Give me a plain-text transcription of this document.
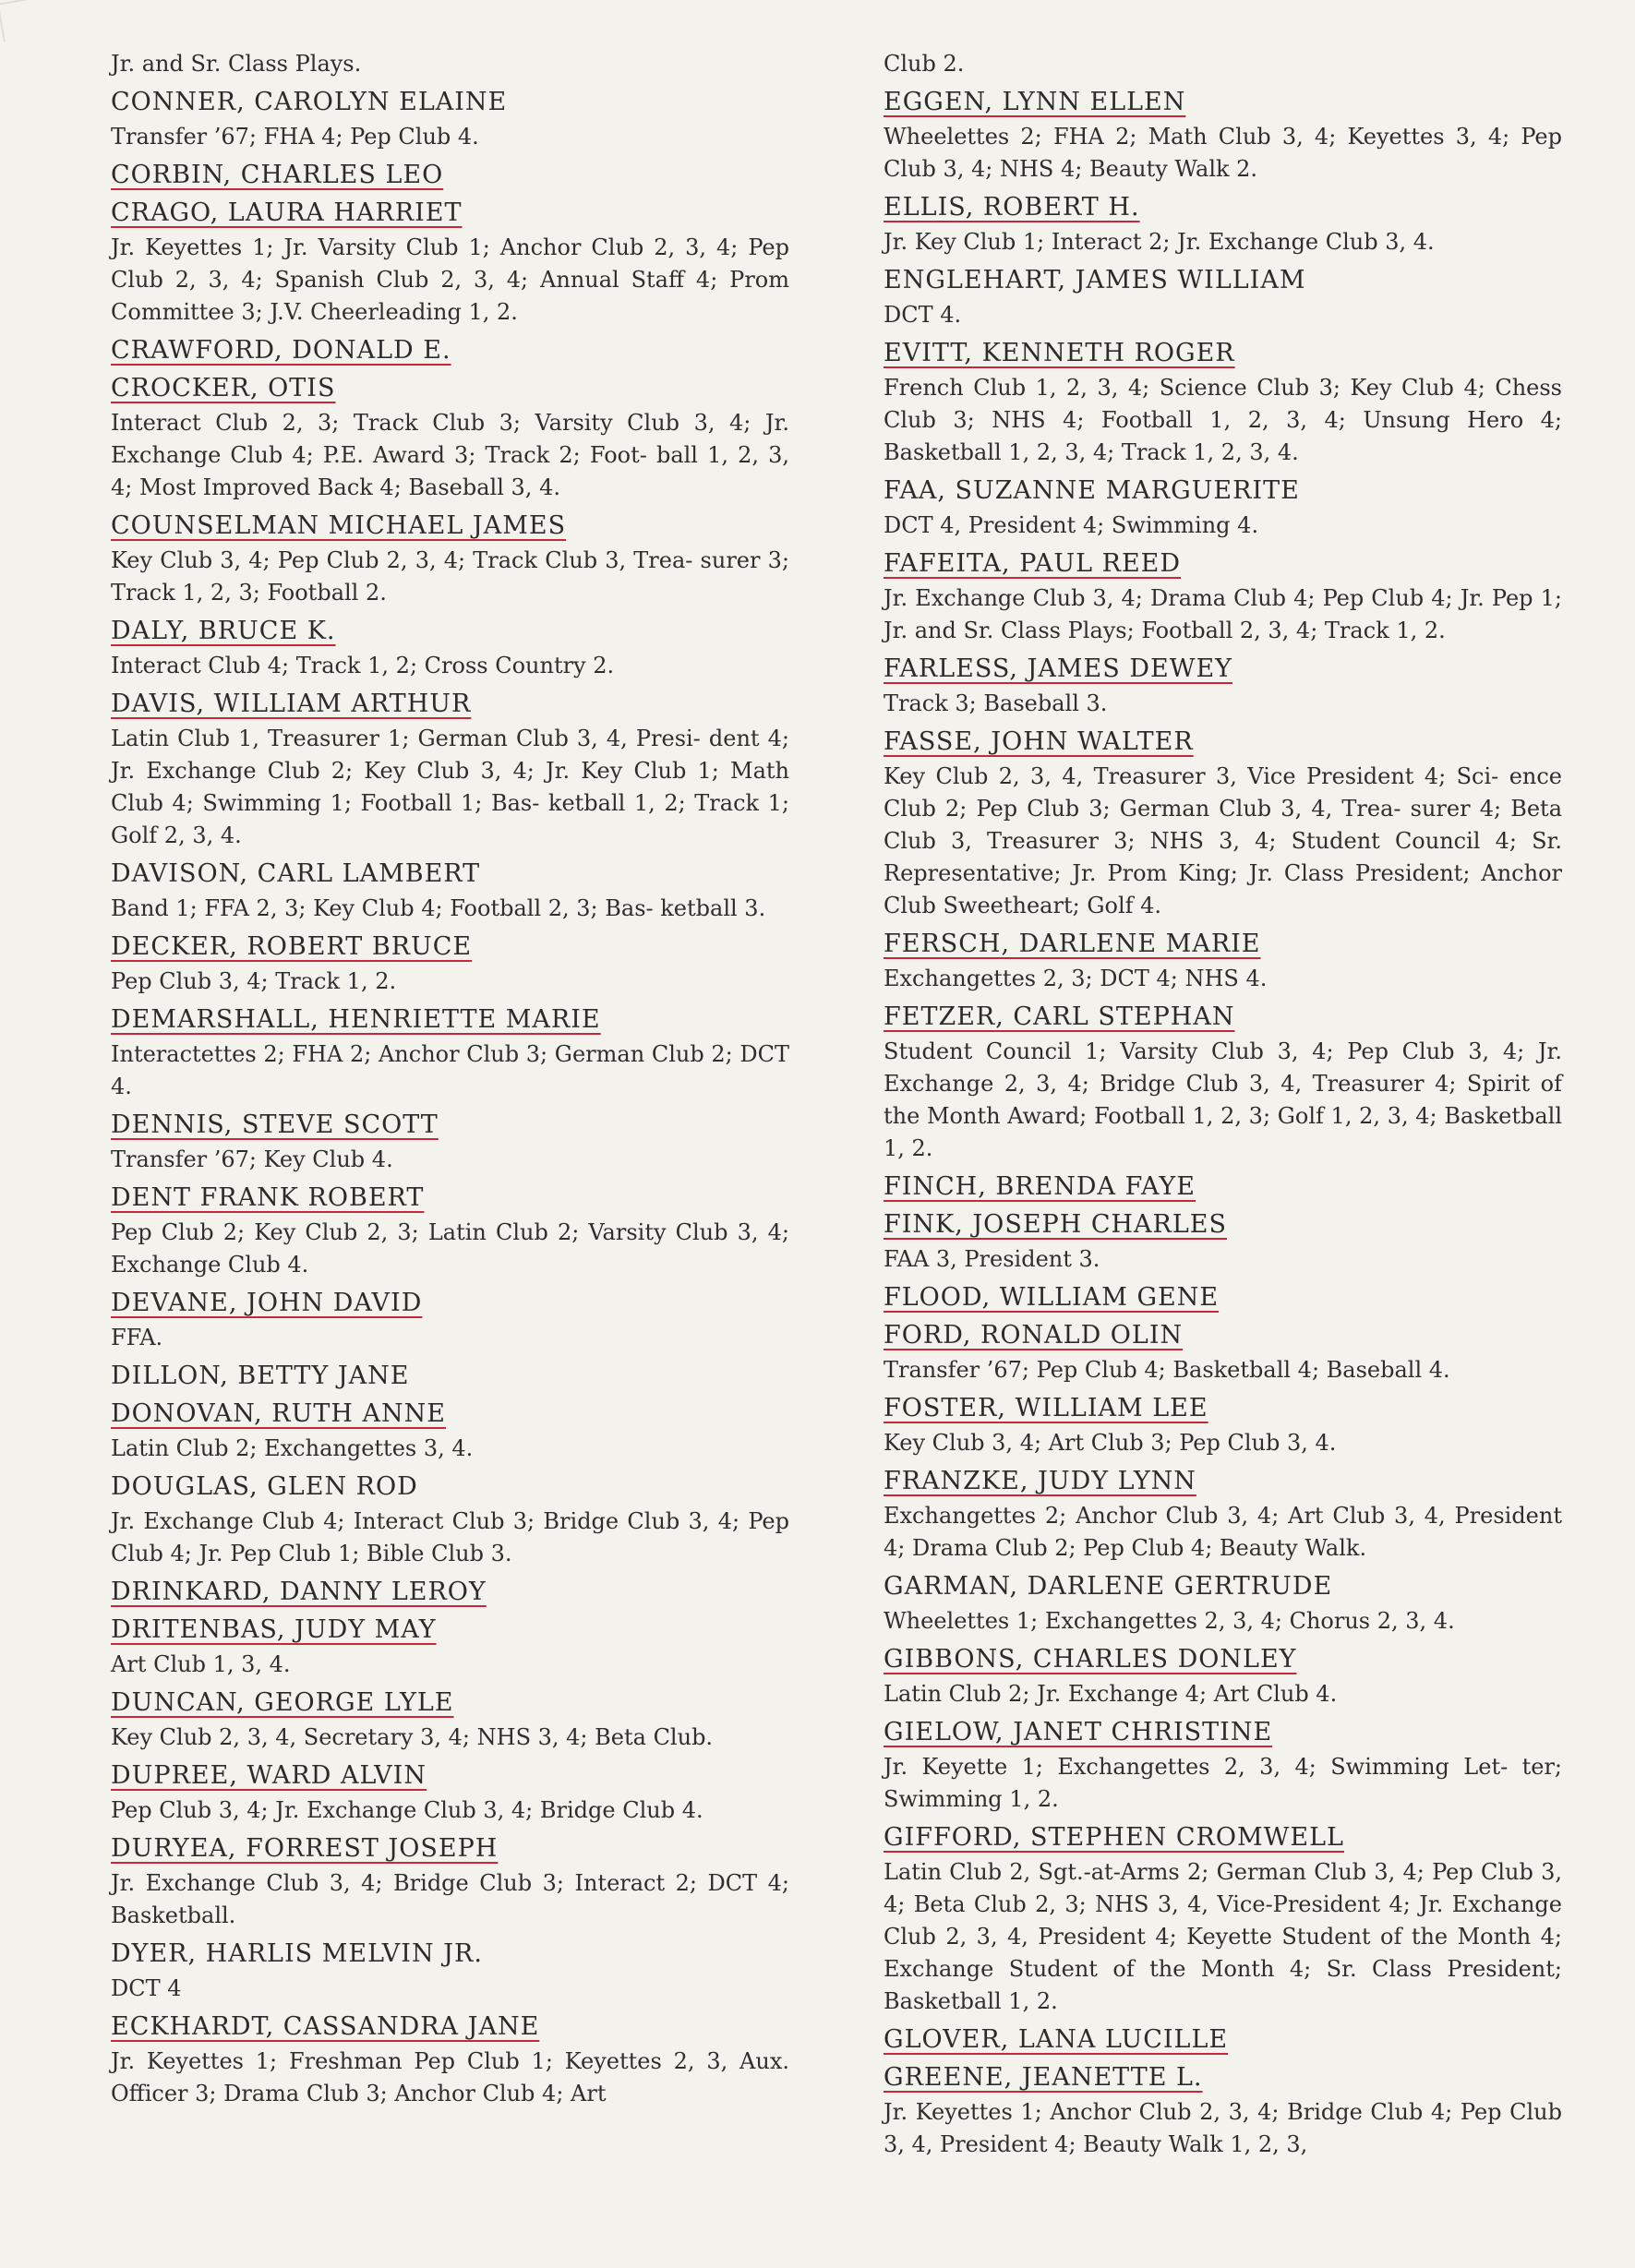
Jr. and Sr. Class Plays.
CONNER, CAROLYN ELAINE
Transfer ’67; FHA 4; Pep Club 4.
CORBIN, CHARLES LEO
CRAGO, LAURA HARRIET
Jr. Keyettes 1; Jr. Varsity Club 1; Anchor Club 2, 3, 4; Pep Club 2, 3, 4; Spanish Club 2, 3, 4; Annual Staff 4; Prom Committee 3; J.V. Cheerleading 1, 2.
CRAWFORD, DONALD E.
CROCKER, OTIS
Interact Club 2, 3; Track Club 3; Varsity Club 3, 4; Jr. Exchange Club 4; P.E. Award 3; Track 2; Foot- ball 1, 2, 3, 4; Most Improved Back 4; Baseball 3, 4.
COUNSELMAN MICHAEL JAMES
Key Club 3, 4; Pep Club 2, 3, 4; Track Club 3, Trea- surer 3; Track 1, 2, 3; Football 2.
DALY, BRUCE K.
Interact Club 4; Track 1, 2; Cross Country 2.
DAVIS, WILLIAM ARTHUR
Latin Club 1, Treasurer 1; German Club 3, 4, Presi- dent 4; Jr. Exchange Club 2; Key Club 3, 4; Jr. Key Club 1; Math Club 4; Swimming 1; Football 1; Bas- ketball 1, 2; Track 1; Golf 2, 3, 4.
DAVISON, CARL LAMBERT
Band 1; FFA 2, 3; Key Club 4; Football 2, 3; Bas- ketball 3.
DECKER, ROBERT BRUCE
Pep Club 3, 4; Track 1, 2.
DEMARSHALL, HENRIETTE MARIE
Interactettes 2; FHA 2; Anchor Club 3; German Club 2; DCT 4.
DENNIS, STEVE SCOTT
Transfer ’67; Key Club 4.
DENT FRANK ROBERT
Pep Club 2; Key Club 2, 3; Latin Club 2; Varsity Club 3, 4; Exchange Club 4.
DEVANE, JOHN DAVID
FFA.
DILLON, BETTY JANE
DONOVAN, RUTH ANNE
Latin Club 2; Exchangettes 3, 4.
DOUGLAS, GLEN ROD
Jr. Exchange Club 4; Interact Club 3; Bridge Club 3, 4; Pep Club 4; Jr. Pep Club 1; Bible Club 3.
DRINKARD, DANNY LEROY
DRITENBAS, JUDY MAY
Art Club 1, 3, 4.
DUNCAN, GEORGE LYLE
Key Club 2, 3, 4, Secretary 3, 4; NHS 3, 4; Beta Club.
DUPREE, WARD ALVIN
Pep Club 3, 4; Jr. Exchange Club 3, 4; Bridge Club 4.
DURYEA, FORREST JOSEPH
Jr. Exchange Club 3, 4; Bridge Club 3; Interact 2; DCT 4; Basketball.
DYER, HARLIS MELVIN JR.
DCT 4
ECKHARDT, CASSANDRA JANE
Jr. Keyettes 1; Freshman Pep Club 1; Keyettes 2, 3, Aux. Officer 3; Drama Club 3; Anchor Club 4; Art
Club 2.
EGGEN, LYNN ELLEN
Wheelettes 2; FHA 2; Math Club 3, 4; Keyettes 3, 4; Pep Club 3, 4; NHS 4; Beauty Walk 2.
ELLIS, ROBERT H.
Jr. Key Club 1; Interact 2; Jr. Exchange Club 3, 4.
ENGLEHART, JAMES WILLIAM
DCT 4.
EVITT, KENNETH ROGER
French Club 1, 2, 3, 4; Science Club 3; Key Club 4; Chess Club 3; NHS 4; Football 1, 2, 3, 4; Unsung Hero 4; Basketball 1, 2, 3, 4; Track 1, 2, 3, 4.
FAA, SUZANNE MARGUERITE
DCT 4, President 4; Swimming 4.
FAFEITA, PAUL REED
Jr. Exchange Club 3, 4; Drama Club 4; Pep Club 4; Jr. Pep 1; Jr. and Sr. Class Plays; Football 2, 3, 4; Track 1, 2.
FARLESS, JAMES DEWEY
Track 3; Baseball 3.
FASSE, JOHN WALTER
Key Club 2, 3, 4, Treasurer 3, Vice President 4; Sci- ence Club 2; Pep Club 3; German Club 3, 4, Trea- surer 4; Beta Club 3, Treasurer 3; NHS 3, 4; Student Council 4; Sr. Representative; Jr. Prom King; Jr. Class President; Anchor Club Sweetheart; Golf 4.
FERSCH, DARLENE MARIE
Exchangettes 2, 3; DCT 4; NHS 4.
FETZER, CARL STEPHAN
Student Council 1; Varsity Club 3, 4; Pep Club 3, 4; Jr. Exchange 2, 3, 4; Bridge Club 3, 4, Treasurer 4; Spirit of the Month Award; Football 1, 2, 3; Golf 1, 2, 3, 4; Basketball 1, 2.
FINCH, BRENDA FAYE
FINK, JOSEPH CHARLES
FAA 3, President 3.
FLOOD, WILLIAM GENE
FORD, RONALD OLIN
Transfer ’67; Pep Club 4; Basketball 4; Baseball 4.
FOSTER, WILLIAM LEE
Key Club 3, 4; Art Club 3; Pep Club 3, 4.
FRANZKE, JUDY LYNN
Exchangettes 2; Anchor Club 3, 4; Art Club 3, 4, President 4; Drama Club 2; Pep Club 4; Beauty Walk.
GARMAN, DARLENE GERTRUDE
Wheelettes 1; Exchangettes 2, 3, 4; Chorus 2, 3, 4.
GIBBONS, CHARLES DONLEY
Latin Club 2; Jr. Exchange 4; Art Club 4.
GIELOW, JANET CHRISTINE
Jr. Keyette 1; Exchangettes 2, 3, 4; Swimming Let- ter; Swimming 1, 2.
GIFFORD, STEPHEN CROMWELL
Latin Club 2, Sgt.-at-Arms 2; German Club 3, 4; Pep Club 3, 4; Beta Club 2, 3; NHS 3, 4, Vice-President 4; Jr. Exchange Club 2, 3, 4, President 4; Keyette Student of the Month 4; Exchange Student of the Month 4; Sr. Class President; Basketball 1, 2.
GLOVER, LANA LUCILLE
GREENE, JEANETTE L.
Jr. Keyettes 1; Anchor Club 2, 3, 4; Bridge Club 4; Pep Club 3, 4, President 4; Beauty Walk 1, 2, 3,
